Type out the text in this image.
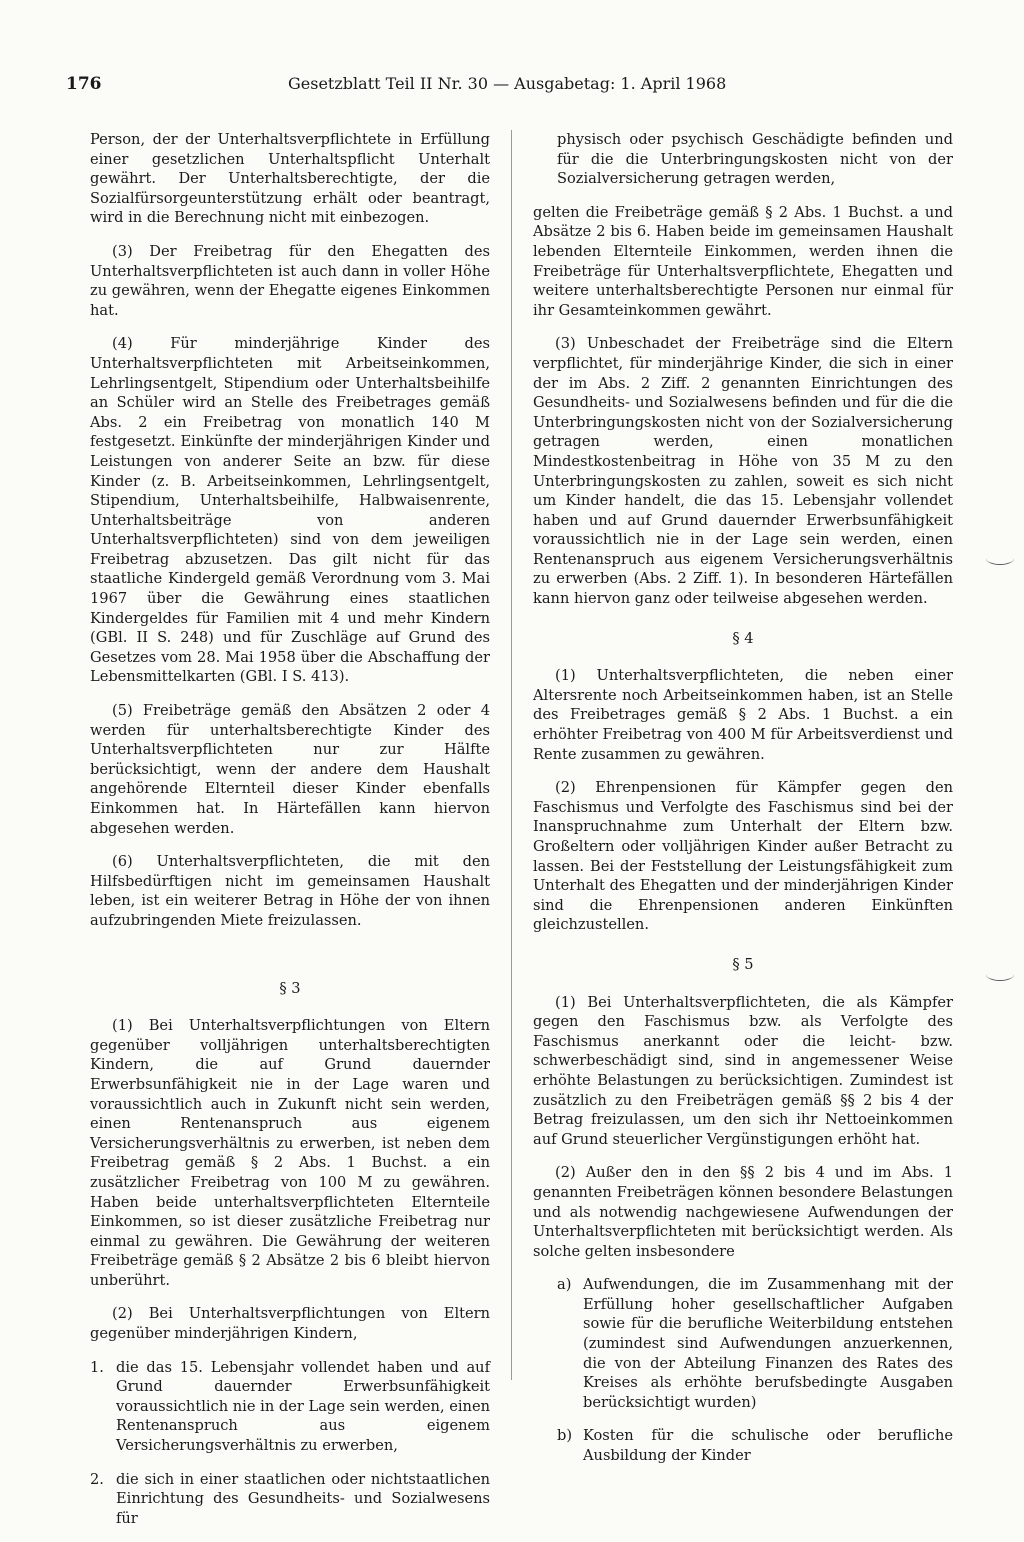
176	Gesetzblatt Teil II Nr. 30 — Ausgabetag: 1. April 1968

Person, der der Unterhaltsverpflichtete in Erfüllung einer gesetzlichen Unterhaltspflicht Unterhalt gewährt. Der Unterhaltsberechtigte, der die Sozialfürsorgeunterstützung erhält oder beantragt, wird in die Berechnung nicht mit einbezogen.

(3) Der Freibetrag für den Ehegatten des Unterhaltsverpflichteten ist auch dann in voller Höhe zu gewähren, wenn der Ehegatte eigenes Einkommen hat.

(4) Für minderjährige Kinder des Unterhaltsverpflichteten mit Arbeitseinkommen, Lehrlingsentgelt, Stipendium oder Unterhaltsbeihilfe an Schüler wird an Stelle des Freibetrages gemäß Abs. 2 ein Freibetrag von monatlich 140 M festgesetzt. Einkünfte der minderjährigen Kinder und Leistungen von anderer Seite an bzw. für diese Kinder (z. B. Arbeitseinkommen, Lehrlingsentgelt, Stipendium, Unterhaltsbeihilfe, Halbwaisenrente, Unterhaltsbeiträge von anderen Unterhaltsverpflichteten) sind von dem jeweiligen Freibetrag abzusetzen. Das gilt nicht für das staatliche Kindergeld gemäß Verordnung vom 3. Mai 1967 über die Gewährung eines staatlichen Kindergeldes für Familien mit 4 und mehr Kindern (GBl. II S. 248) und für Zuschläge auf Grund des Gesetzes vom 28. Mai 1958 über die Abschaffung der Lebensmittelkarten (GBl. I S. 413).

(5) Freibeträge gemäß den Absätzen 2 oder 4 werden für unterhaltsberechtigte Kinder des Unterhaltsverpflichteten nur zur Hälfte berücksichtigt, wenn der andere dem Haushalt angehörende Elternteil dieser Kinder ebenfalls Einkommen hat. In Härtefällen kann hiervon abgesehen werden.

(6) Unterhaltsverpflichteten, die mit den Hilfsbedürftigen nicht im gemeinsamen Haushalt leben, ist ein weiterer Betrag in Höhe der von ihnen aufzubringenden Miete freizulassen.

§ 3

(1) Bei Unterhaltsverpflichtungen von Eltern gegenüber volljährigen unterhaltsberechtigten Kindern, die auf Grund dauernder Erwerbsunfähigkeit nie in der Lage waren und voraussichtlich auch in Zukunft nicht sein werden, einen Rentenanspruch aus eigenem Versicherungsverhältnis zu erwerben, ist neben dem Freibetrag gemäß § 2 Abs. 1 Buchst. a ein zusätzlicher Freibetrag von 100 M zu gewähren. Haben beide unterhaltsverpflichteten Elternteile Einkommen, so ist dieser zusätzliche Freibetrag nur einmal zu gewähren. Die Gewährung der weiteren Freibeträge gemäß § 2 Absätze 2 bis 6 bleibt hiervon unberührt.

(2) Bei Unterhaltsverpflichtungen von Eltern gegenüber minderjährigen Kindern,

1. die das 15. Lebensjahr vollendet haben und auf Grund dauernder Erwerbsunfähigkeit voraussichtlich nie in der Lage sein werden, einen Rentenanspruch aus eigenem Versicherungsverhältnis zu erwerben,
2. die sich in einer staatlichen oder nichtstaatlichen Einrichtung des Gesundheits- und Sozialwesens für

physisch oder psychisch Geschädigte befinden und für die die Unterbringungskosten nicht von der Sozialversicherung getragen werden,

gelten die Freibeträge gemäß § 2 Abs. 1 Buchst. a und Absätze 2 bis 6. Haben beide im gemeinsamen Haushalt lebenden Elternteile Einkommen, werden ihnen die Freibeträge für Unterhaltsverpflichtete, Ehegatten und weitere unterhaltsberechtigte Personen nur einmal für ihr Gesamteinkommen gewährt.

(3) Unbeschadet der Freibeträge sind die Eltern verpflichtet, für minderjährige Kinder, die sich in einer der im Abs. 2 Ziff. 2 genannten Einrichtungen des Gesundheits- und Sozialwesens befinden und für die die Unterbringungskosten nicht von der Sozialversicherung getragen werden, einen monatlichen Mindestkostenbeitrag in Höhe von 35 M zu den Unterbringungskosten zu zahlen, soweit es sich nicht um Kinder handelt, die das 15. Lebensjahr vollendet haben und auf Grund dauernder Erwerbsunfähigkeit voraussichtlich nie in der Lage sein werden, einen Rentenanspruch aus eigenem Versicherungsverhältnis zu erwerben (Abs. 2 Ziff. 1). In besonderen Härtefällen kann hiervon ganz oder teilweise abgesehen werden.

§ 4

(1) Unterhaltsverpflichteten, die neben einer Altersrente noch Arbeitseinkommen haben, ist an Stelle des Freibetrages gemäß § 2 Abs. 1 Buchst. a ein erhöhter Freibetrag von 400 M für Arbeitsverdienst und Rente zusammen zu gewähren.

(2) Ehrenpensionen für Kämpfer gegen den Faschismus und Verfolgte des Faschismus sind bei der Inanspruchnahme zum Unterhalt der Eltern bzw. Großeltern oder volljährigen Kinder außer Betracht zu lassen. Bei der Feststellung der Leistungsfähigkeit zum Unterhalt des Ehegatten und der minderjährigen Kinder sind die Ehrenpensionen anderen Einkünften gleichzustellen.

§ 5

(1) Bei Unterhaltsverpflichteten, die als Kämpfer gegen den Faschismus bzw. als Verfolgte des Faschismus anerkannt oder die leicht- bzw. schwerbeschädigt sind, sind in angemessener Weise erhöhte Belastungen zu berücksichtigen. Zumindest ist zusätzlich zu den Freibeträgen gemäß §§ 2 bis 4 der Betrag freizulassen, um den sich ihr Nettoeinkommen auf Grund steuerlicher Vergünstigungen erhöht hat.

(2) Außer den in den §§ 2 bis 4 und im Abs. 1 genannten Freibeträgen können besondere Belastungen und als notwendig nachgewiesene Aufwendungen der Unterhaltsverpflichteten mit berücksichtigt werden. Als solche gelten insbesondere

a) Aufwendungen, die im Zusammenhang mit der Erfüllung hoher gesellschaftlicher Aufgaben sowie für die berufliche Weiterbildung entstehen (zumindest sind Aufwendungen anzuerkennen, die von der Abteilung Finanzen des Rates des Kreises als erhöhte berufsbedingte Ausgaben berücksichtigt wurden)
b) Kosten für die schulische oder berufliche Ausbildung der Kinder
